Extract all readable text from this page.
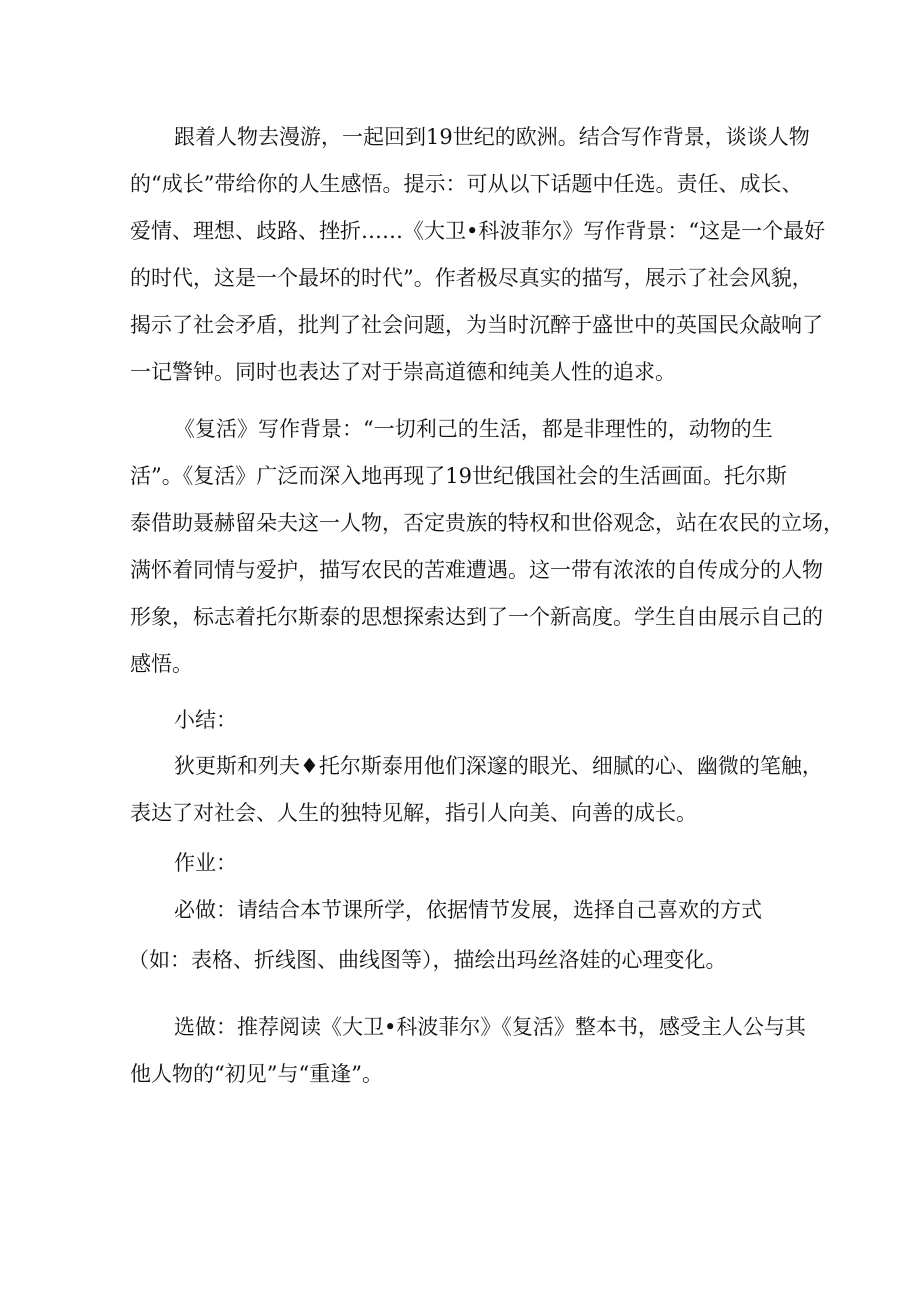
跟着人物去漫游，一起回到19世纪的欧洲。结合写作背景，谈谈人物
的“成长”带给你的人生感悟。提示：可从以下话题中任选。责任、成长、
爱情、理想、歧路、挫折……《大卫•科波菲尔》写作背景：“这是一个最好
的时代，这是一个最坏的时代”。作者极尽真实的描写，展示了社会风貌，
揭示了社会矛盾，批判了社会问题，为当时沉醉于盛世中的英国民众敲响了
一记警钟。同时也表达了对于崇高道德和纯美人性的追求。
《复活》写作背景：“一切利己的生活，都是非理性的，动物的生
活”。《复活》广泛而深入地再现了19世纪俄国社会的生活画面。托尔斯
泰借助聂赫留朵夫这一人物，否定贵族的特权和世俗观念，站在农民的立场，
满怀着同情与爱护，描写农民的苦难遭遇。这一带有浓浓的自传成分的人物
形象，标志着托尔斯泰的思想探索达到了一个新高度。学生自由展示自己的
感悟。
小结：
狄更斯和列夫♦托尔斯泰用他们深邃的眼光、细腻的心、幽微的笔触，
表达了对社会、人生的独特见解，指引人向美、向善的成长。
作业：
必做：请结合本节课所学，依据情节发展，选择自己喜欢的方式
（如：表格、折线图、曲线图等），描绘出玛丝洛娃的心理变化。
选做：推荐阅读《大卫•科波菲尔》《复活》整本书，感受主人公与其
他人物的“初见”与“重逢”。
